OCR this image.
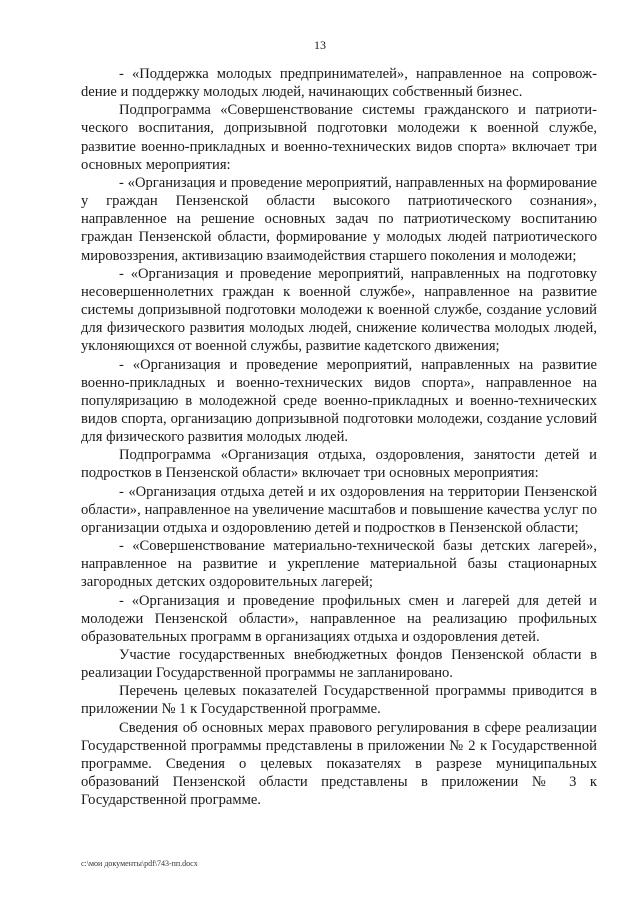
13

- «Поддержка молодых предпринимателей», направленное на сопровожdение и поддержку молодых людей, начинающих собственный бизнес.

Подпрограмма «Совершенствование системы гражданского и патриотического воспитания, допризывной подготовки молодежи к военной службе, развитие военно-прикладных и военно-технических видов спорта» включает три основных мероприятия:

- «Организация и проведение мероприятий, направленных на формирование у граждан Пензенской области высокого патриотического сознания», направленное на решение основных задач по патриотическому воспитанию граждан Пензенской области, формирование у молодых людей патриотического мировоззрения, активизацию взаимодействия старшего поколения и молодежи;

- «Организация и проведение мероприятий, направленных на подготовку несовершеннолетних граждан к военной службе», направленное на развитие системы допризывной подготовки молодежи к военной службе, создание условий для физического развития молодых людей, снижение количества молодых людей, уклоняющихся от военной службы, развитие кадетского движения;

- «Организация и проведение мероприятий, направленных на развитие военно-прикладных и военно-технических видов спорта», направленное на популяризацию в молодежной среде военно-прикладных и военно-технических видов спорта, организацию допризывной подготовки молодежи, создание условий для физического развития молодых людей.

Подпрограмма «Организация отдыха, оздоровления, занятости детей и подростков в Пензенской области» включает три основных мероприятия:

- «Организация отдыха детей и их оздоровления на территории Пензенской области», направленное на увеличение масштабов и повышение качества услуг по организации отдыха и оздоровлению детей и подростков в Пензенской области;

- «Совершенствование материально-технической базы детских лагерей», направленное на развитие и укрепление материальной базы стационарных загородных детских оздоровительных лагерей;

- «Организация и проведение профильных смен и лагерей для детей и молодежи Пензенской области», направленное на реализацию профильных образовательных программ в организациях отдыха и оздоровления детей.

Участие государственных внебюджетных фондов Пензенской области в реализации Государственной программы не запланировано.

Перечень целевых показателей Государственной программы приводится в приложении № 1 к Государственной программе.

Сведения об основных мерах правового регулирования в сфере реализации Государственной программы представлены в приложении № 2 к Государственной программе. Сведения о целевых показателях в разрезе муниципальных образований Пензенской области представлены в приложении № 3 к Государственной программе.

c:\мои документы\pdf\743-пп.docx
